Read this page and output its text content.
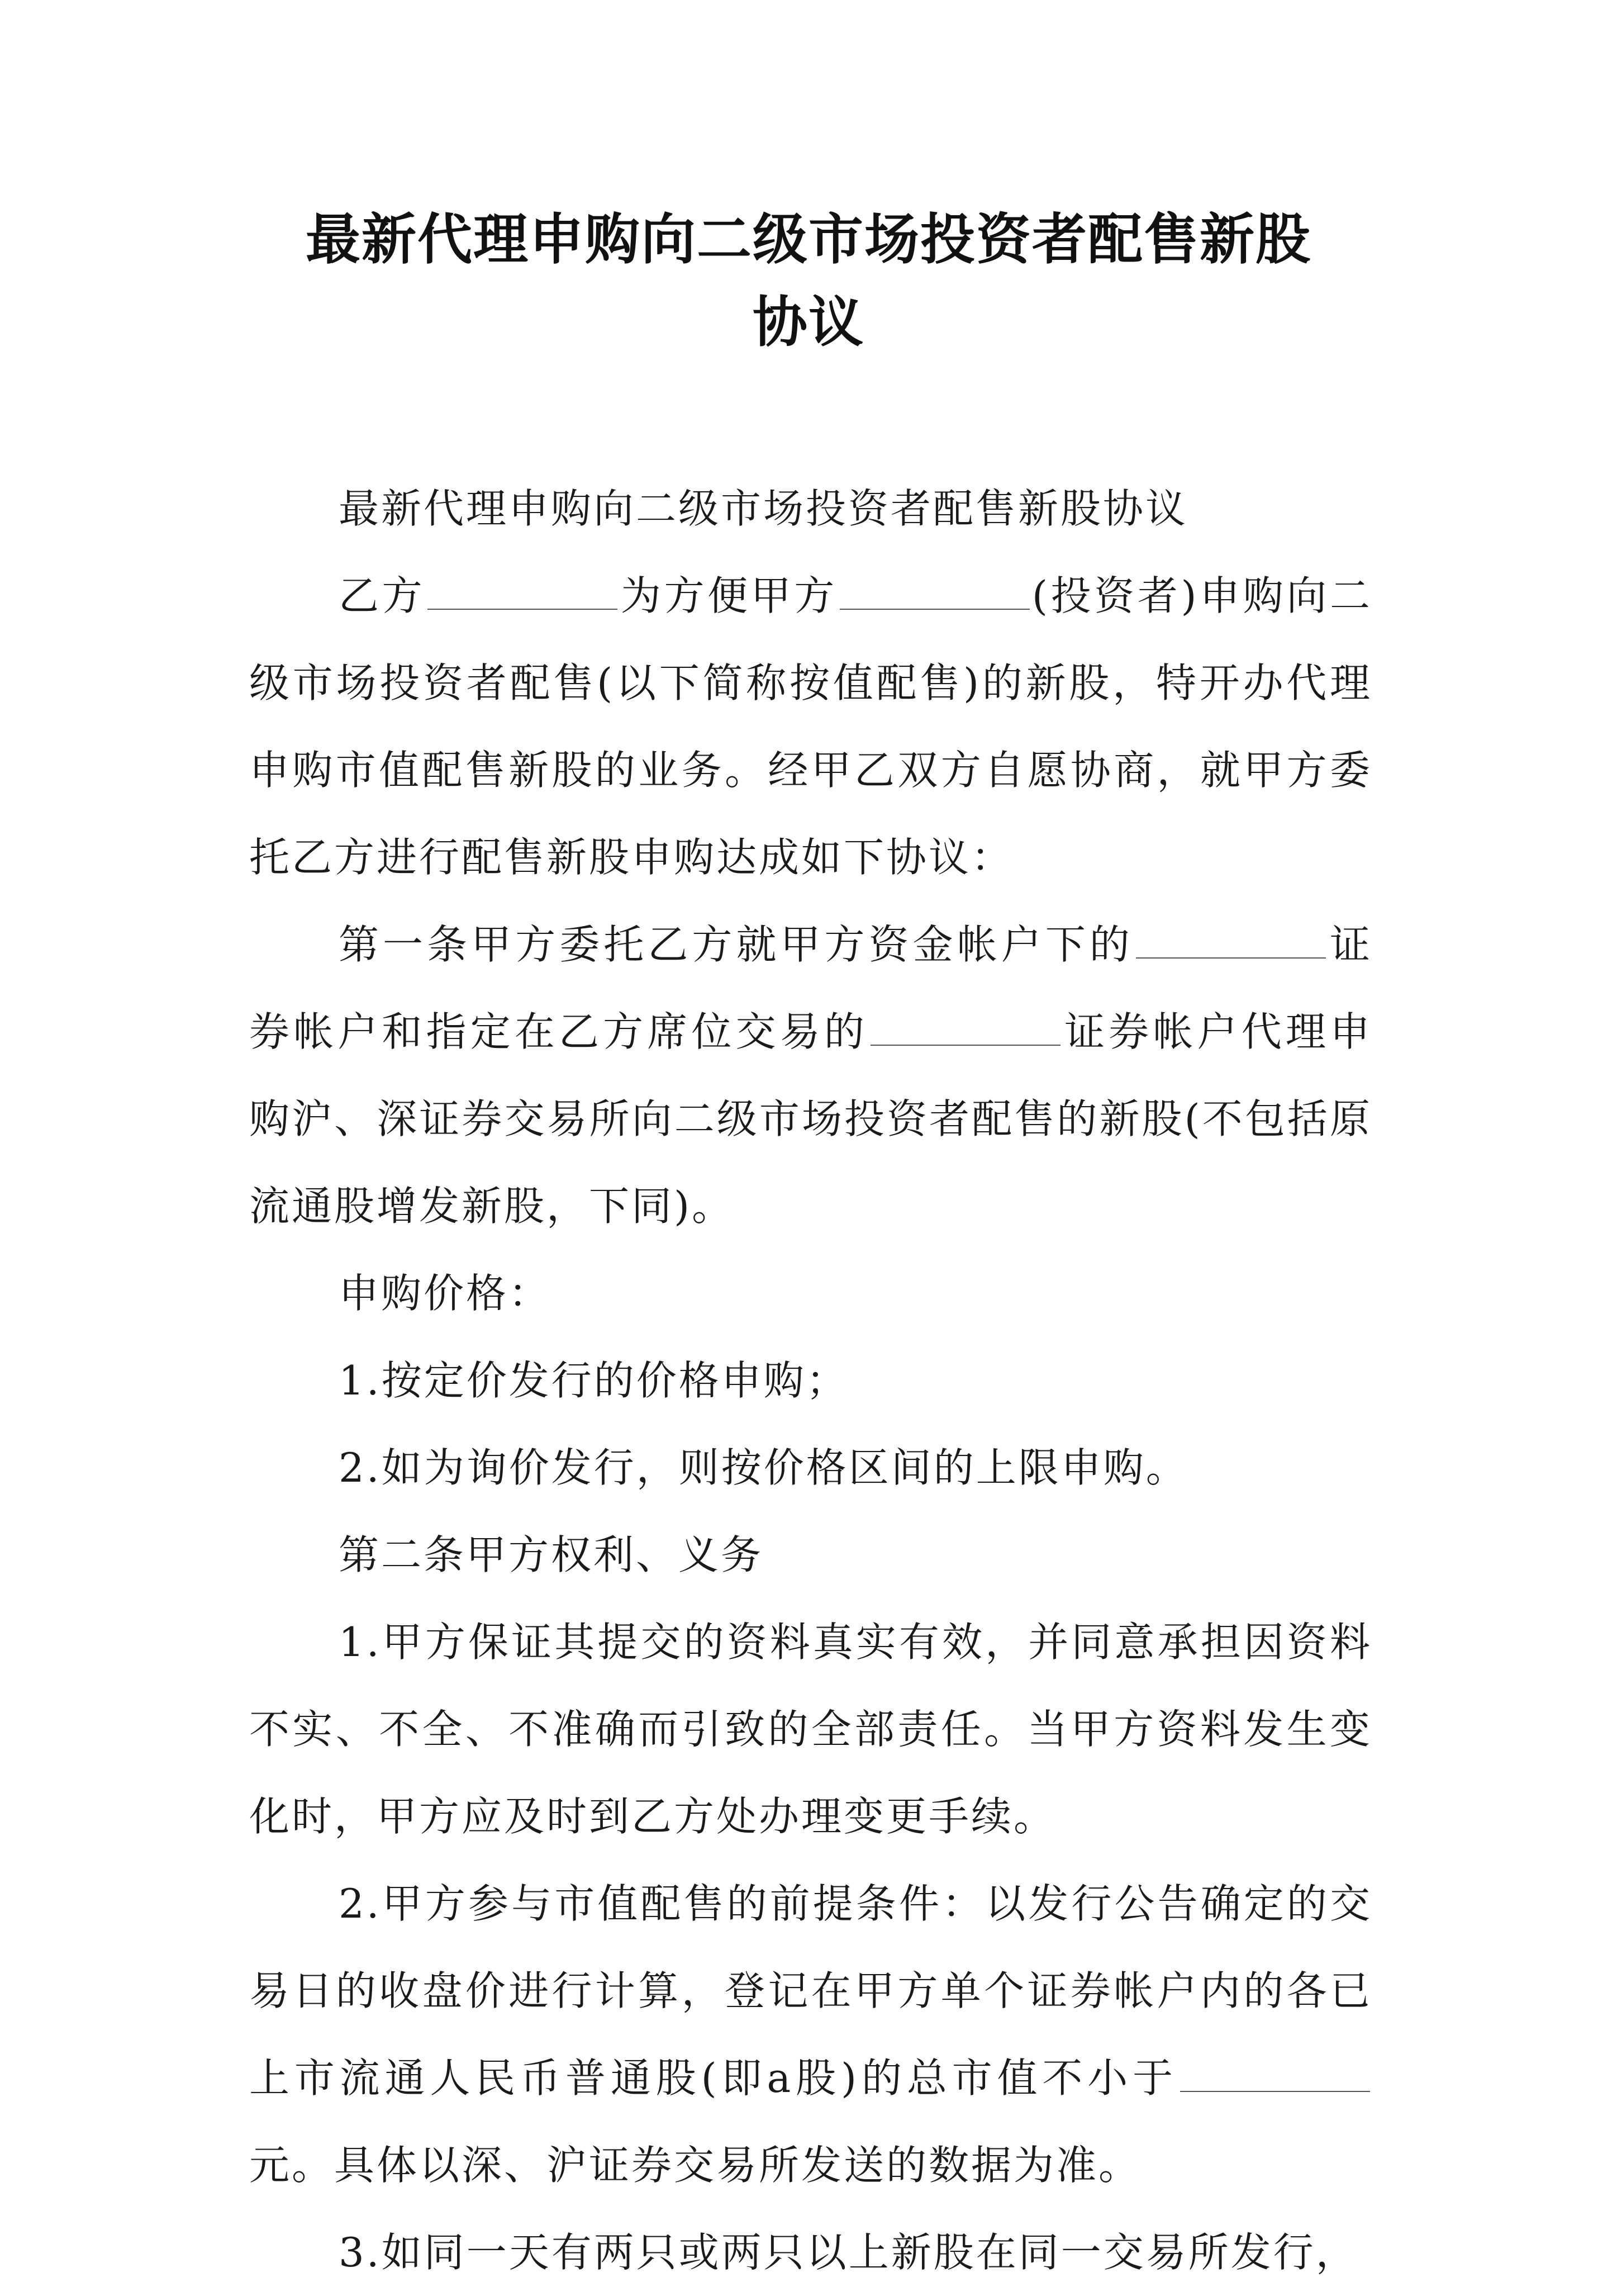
最新代理申购向二级市场投资者配售新股
协议

最新代理申购向二级市场投资者配售新股协议

乙方	为方便甲方	(投资者)申购向二级市场投资者配售(以下简称按值配售)的新股，特开办代理申购市值配售新股的业务。经甲乙双方自愿协商，就甲方委托乙方进行配售新股申购达成如下协议：

第一条甲方委托乙方就甲方资金帐户下的	证券帐户和指定在乙方席位交易的	证券帐户代理申购沪、深证券交易所向二级市场投资者配售的新股(不包括原流通股增发新股，下同)。

申购价格：

1.按定价发行的价格申购；

2.如为询价发行，则按价格区间的上限申购。

第二条甲方权利、义务

1.甲方保证其提交的资料真实有效，并同意承担因资料不实、不全、不准确而引致的全部责任。当甲方资料发生变化时，甲方应及时到乙方处办理变更手续。

2.甲方参与市值配售的前提条件：以发行公告确定的交易日的收盘价进行计算，登记在甲方单个证券帐户内的各已上市流通人民币普通股(即a股)的总市值不小于元。具体以深、沪证券交易所发送的数据为准。

3.如同一天有两只或两只以上新股在同一交易所发行，
